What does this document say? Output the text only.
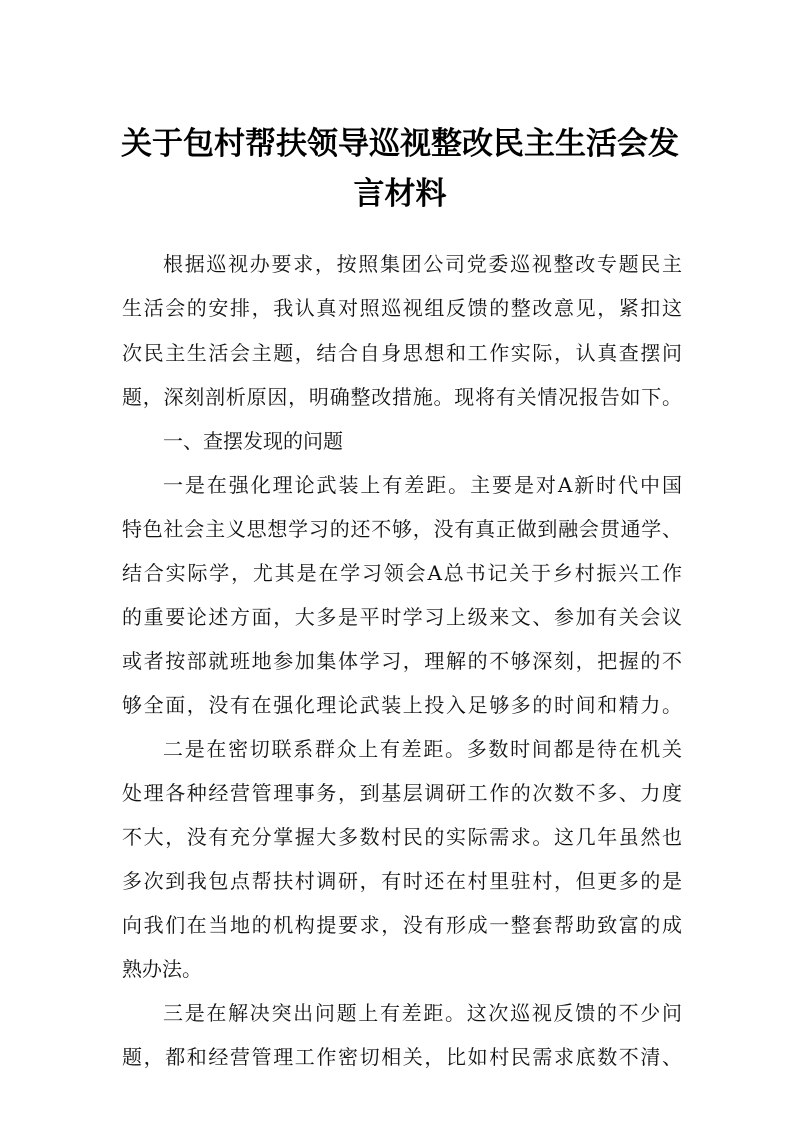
关于包村帮扶领导巡视整改民主生活会发
言材料

根据巡视办要求，按照集团公司党委巡视整改专题民主

生活会的安排，我认真对照巡视组反馈的整改意见，紧扣这

次民主生活会主题，结合自身思想和工作实际，认真查摆问

题，深刻剖析原因，明确整改措施。现将有关情况报告如下。

一、查摆发现的问题

一是在强化理论武装上有差距。主要是对A新时代中国

特色社会主义思想学习的还不够，没有真正做到融会贯通学、

结合实际学，尤其是在学习领会A总书记关于乡村振兴工作

的重要论述方面，大多是平时学习上级来文、参加有关会议

或者按部就班地参加集体学习，理解的不够深刻，把握的不

够全面，没有在强化理论武装上投入足够多的时间和精力。

二是在密切联系群众上有差距。多数时间都是待在机关

处理各种经营管理事务，到基层调研工作的次数不多、力度

不大，没有充分掌握大多数村民的实际需求。这几年虽然也

多次到我包点帮扶村调研，有时还在村里驻村，但更多的是

向我们在当地的机构提要求，没有形成一整套帮助致富的成

熟办法。

三是在解决突出问题上有差距。这次巡视反馈的不少问

题，都和经营管理工作密切相关，比如村民需求底数不清、
